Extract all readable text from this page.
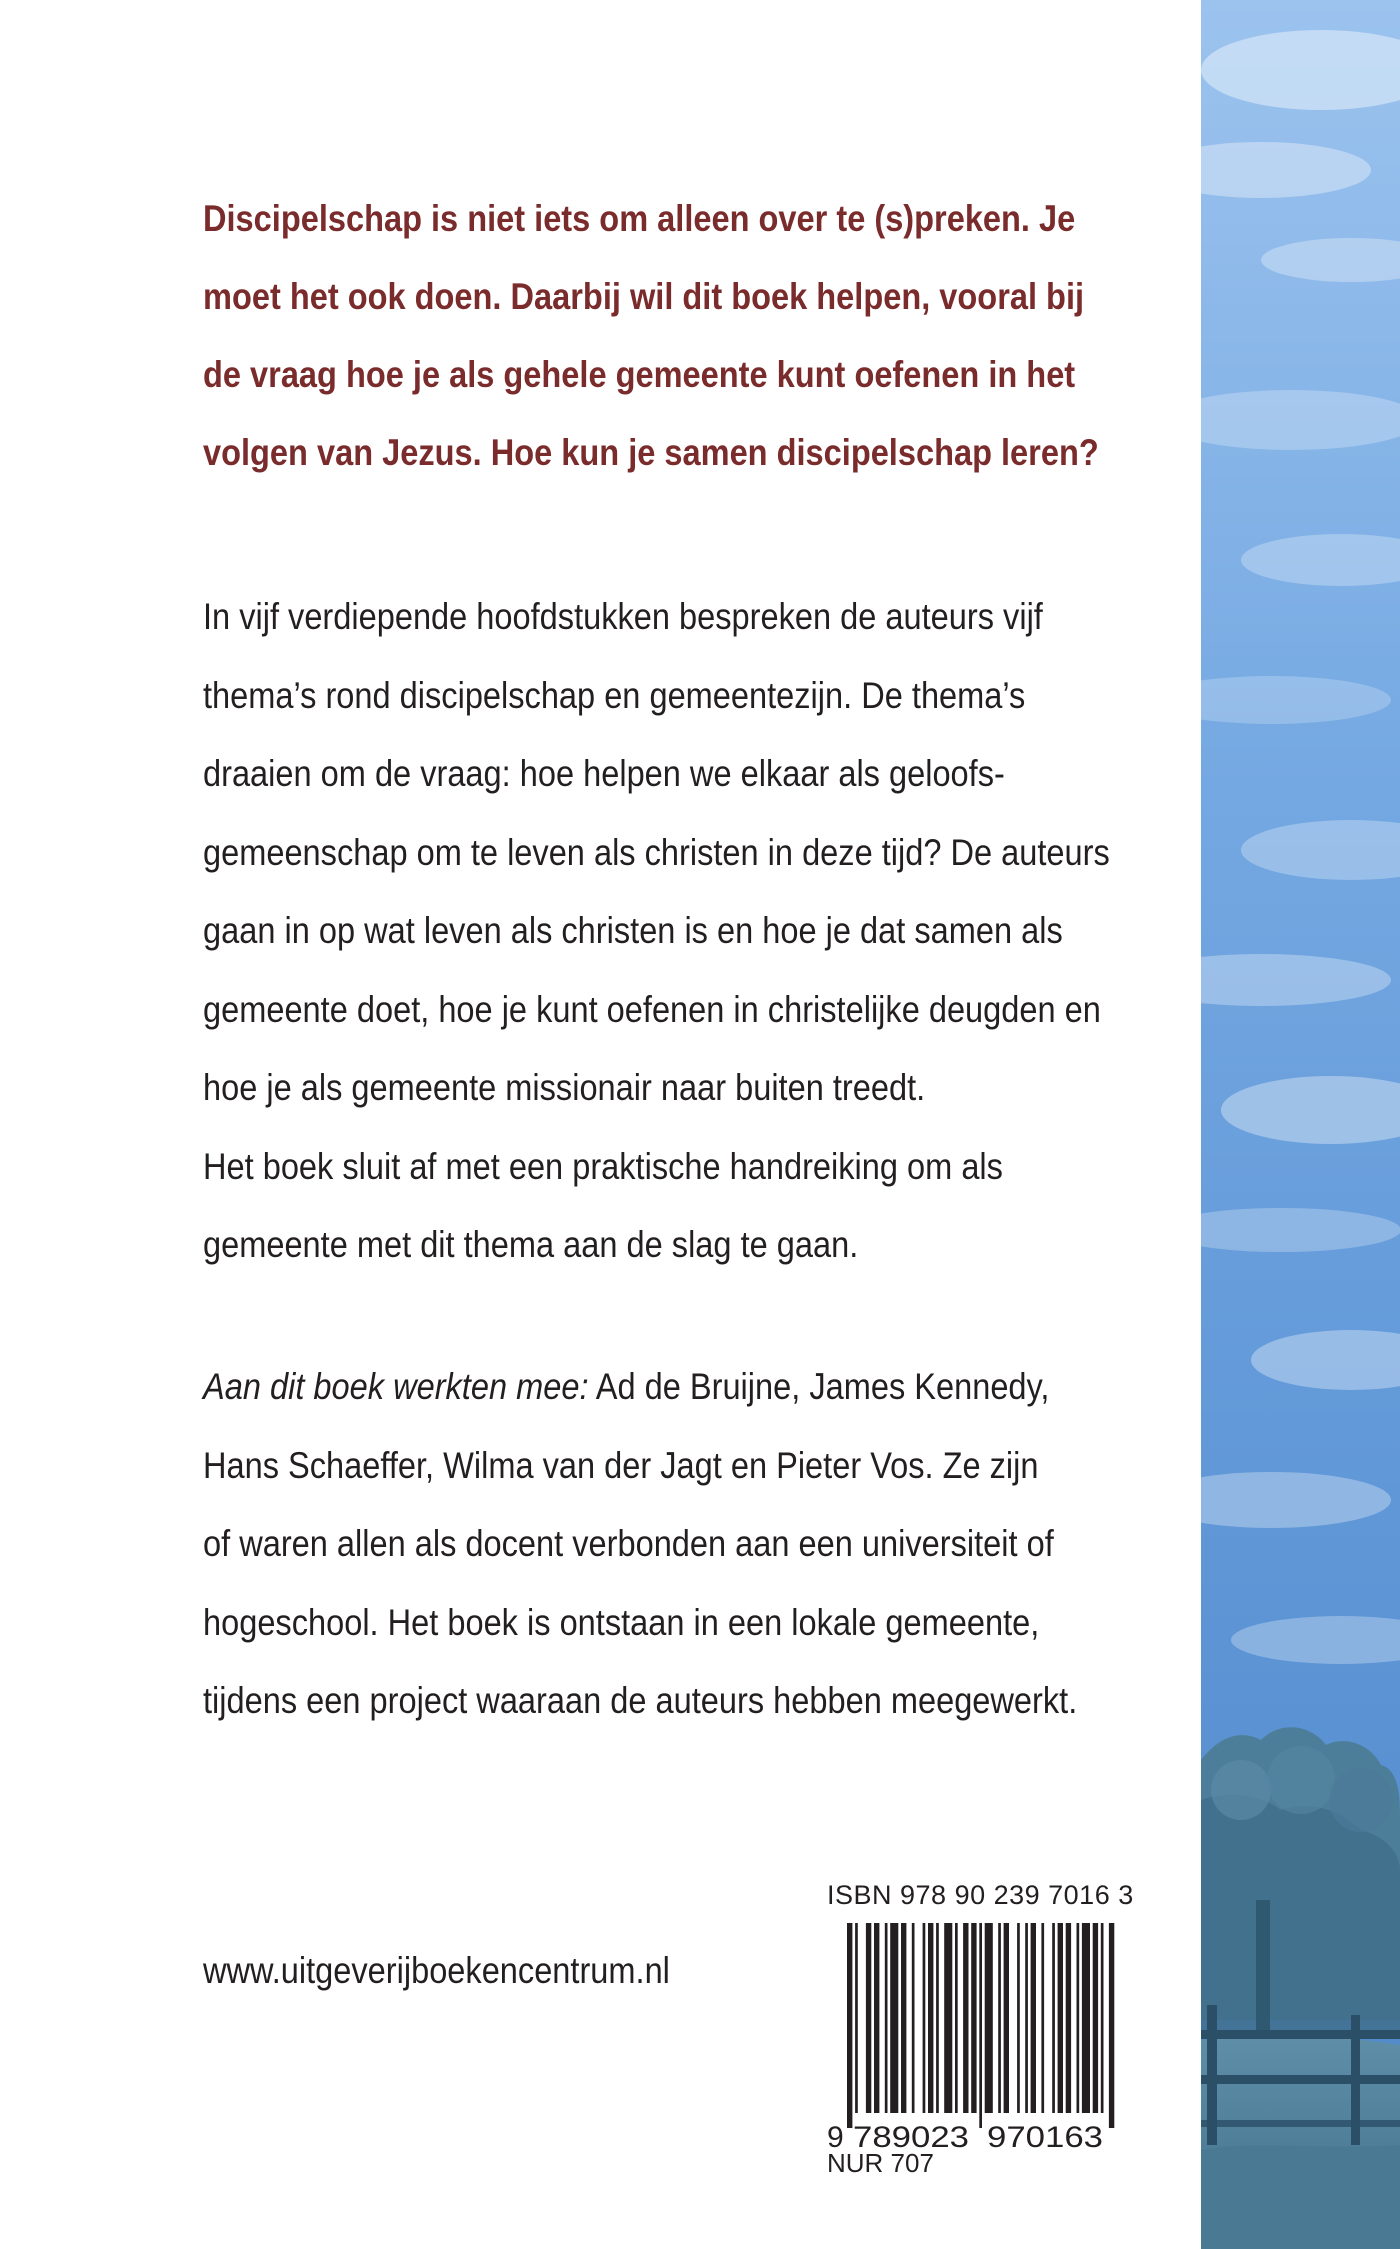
Discipelschap is niet iets om alleen over te (s)preken. Je
moet het ook doen. Daarbij wil dit boek helpen, vooral bij
de vraag hoe je als gehele gemeente kunt oefenen in het
volgen van Jezus. Hoe kun je samen discipelschap leren?

In vijf verdiepende hoofdstukken bespreken de auteurs vijf
thema’s rond discipelschap en gemeentezijn. De thema’s
draaien om de vraag: hoe helpen we elkaar als geloofs-
gemeenschap om te leven als christen in deze tijd? De auteurs
gaan in op wat leven als christen is en hoe je dat samen als
gemeente doet, hoe je kunt oefenen in christelijke deugden en
hoe je als gemeente missionair naar buiten treedt.
Het boek sluit af met een praktische handreiking om als
gemeente met dit thema aan de slag te gaan.

Aan dit boek werkten mee: Ad de Bruijne, James Kennedy,
Hans Schaeffer, Wilma van der Jagt en Pieter Vos. Ze zijn
of waren allen als docent verbonden aan een universiteit of
hogeschool. Het boek is ontstaan in een lokale gemeente,
tijdens een project waaraan de auteurs hebben meegewerkt.

www.uitgeverijboekencentrum.nl
ISBN 978 90 239 7016 3
9 789023 970163
NUR 707
